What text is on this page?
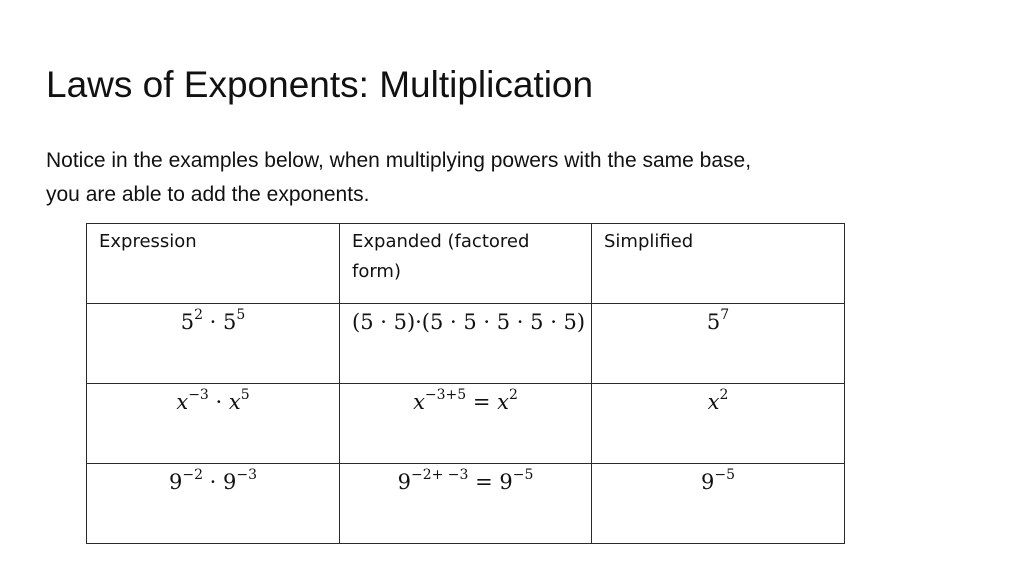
Laws of Exponents: Multiplication
Notice in the examples below, when multiplying powers with the same base,
you are able to add the exponents.
Expression	Expanded (factored form)	Simplified
$5^2 \cdot 5^5$	(5 · 5)·(5 · 5 · 5 · 5 · 5)	$5^7$
$x^{-3} \cdot x^5$	$x^{-3+5} = x^2$	$x^2$
$9^{-2} \cdot 9^{-3}$	$9^{-2+ -3} = 9^{-5}$	$9^{-5}$
